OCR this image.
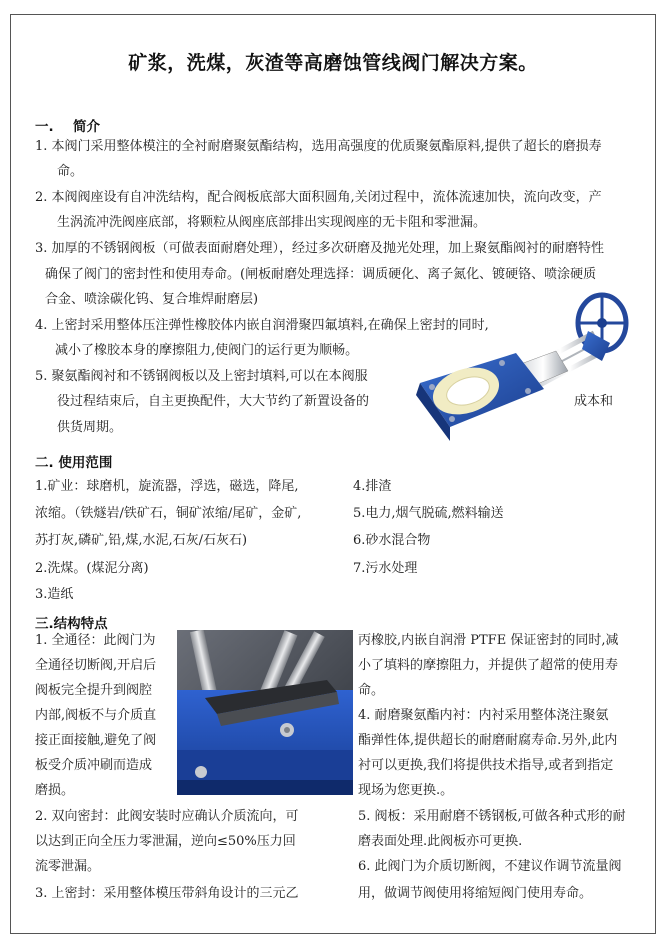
矿浆，洗煤，灰渣等高磨蚀管线阀门解决方案。
一. 简介
1. 本阀门采用整体模注的全衬耐磨聚氨酯结构，选用高强度的优质聚氨酯原料,提供了超长的磨损寿
命。
2. 本阀阀座设有自冲洗结构，配合阀板底部大面积圆角,关闭过程中，流体流速加快，流向改变，产
生涡流冲洗阀座底部，将颗粒从阀座底部排出实现阀座的无卡阻和零泄漏。
3. 加厚的不锈钢阀板（可做表面耐磨处理），经过多次研磨及抛光处理，加上聚氨酯阀衬的耐磨特性
确保了阀门的密封性和使用寿命。(闸板耐磨处理选择：调质硬化、离子氮化、镀硬铬、喷涂硬质
合金、喷涂碳化钨、复合堆焊耐磨层)
4. 上密封采用整体压注弹性橡胶体内嵌自润滑聚四氟填料,在确保上密封的同时,
减小了橡胶本身的摩擦阻力,使阀门的运行更为顺畅。
5. 聚氨酯阀衬和不锈钢阀板以及上密封填料,可以在本阀服
役过程结束后，自主更换配件，大大节约了新置设备的	成本和
供货周期。
二. 使用范围
1.矿业：球磨机，旋流器，浮选，磁选，降尾,
浓缩。（铁燧岩/铁矿石，铜矿浓缩/尾矿，金矿,
苏打灰,磷矿,铅,煤,水泥,石灰/石灰石)
2.洗煤。(煤泥分离)
3.造纸
4.排渣
5.电力,烟气脱硫,燃料输送
6.砂水混合物
7.污水处理
三.结构特点
1. 全通径：此阀门为
全通径切断阀,开启后
阀板完全提升到阀腔
内部,阀板不与介质直
接正面接触,避免了阀
板受介质冲刷而造成
磨损。
2. 双向密封：此阀安装时应确认介质流向，可
以达到正向全压力零泄漏，逆向≤50%压力回
流零泄漏。
3. 上密封：采用整体模压带斜角设计的三元乙
丙橡胶,内嵌自润滑 PTFE 保证密封的同时,减
小了填料的摩擦阻力，并提供了超常的使用寿
命。
4. 耐磨聚氨酯内衬：内衬采用整体浇注聚氨
酯弹性体,提供超长的耐磨耐腐寿命.另外,此内
衬可以更换,我们将提供技术指导,或者到指定
现场为您更换.。
5. 阀板：采用耐磨不锈钢板,可做各种式形的耐
磨表面处理.此阀板亦可更换.
6. 此阀门为介质切断阀，不建议作调节流量阀
用，做调节阀使用将缩短阀门使用寿命。
